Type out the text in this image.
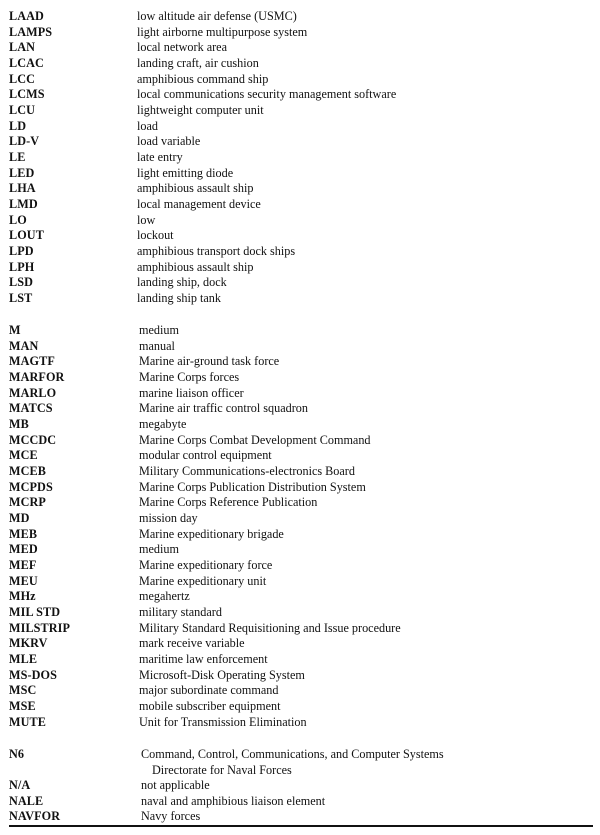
LAAD	low altitude air defense (USMC)
LAMPS	light airborne multipurpose system
LAN	local network area
LCAC	landing craft, air cushion
LCC	amphibious command ship
LCMS	local communications security management software
LCU	lightweight computer unit
LD	load
LD-V	load variable
LE	late entry
LED	light emitting diode
LHA	amphibious assault ship
LMD	local management device
LO	low
LOUT	lockout
LPD	amphibious transport dock ships
LPH	amphibious assault ship
LSD	landing ship, dock
LST	landing ship tank
M	medium
MAN	manual
MAGTF	Marine air-ground task force
MARFOR	Marine Corps forces
MARLO	marine liaison officer
MATCS	Marine air traffic control squadron
MB	megabyte
MCCDC	Marine Corps Combat Development Command
MCE	modular control equipment
MCEB	Military Communications-electronics Board
MCPDS	Marine Corps Publication Distribution System
MCRP	Marine Corps Reference Publication
MD	mission day
MEB	Marine expeditionary brigade
MED	medium
MEF	Marine expeditionary force
MEU	Marine expeditionary unit
MHz	megahertz
MIL STD	military standard
MILSTRIP	Military Standard Requisitioning and Issue procedure
MKRV	mark receive variable
MLE	maritime law enforcement
MS-DOS	Microsoft-Disk Operating System
MSC	major subordinate command
MSE	mobile subscriber equipment
MUTE	Unit for Transmission Elimination
N6	Command, Control, Communications, and Computer Systems
Directorate for Naval Forces
N/A	not applicable
NALE	naval and amphibious liaison element
NAVFOR	Navy forces
